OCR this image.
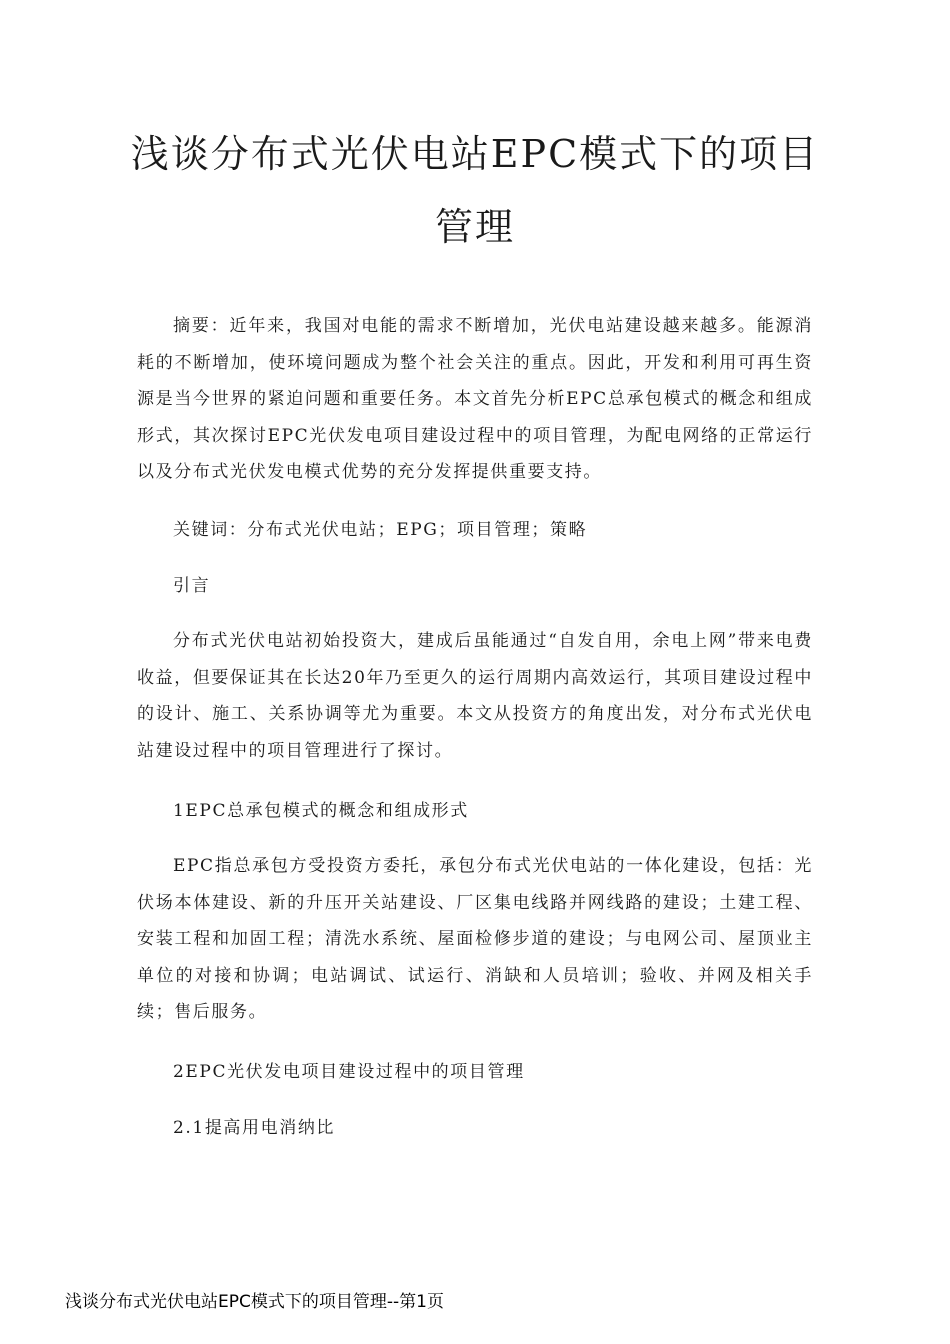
浅谈分布式光伏电站EPC模式下的项目
管理

摘要：近年来，我国对电能的需求不断增加，光伏电站建设越来越多。能源消耗的不断增加，使环境问题成为整个社会关注的重点。因此，开发和利用可再生资源是当今世界的紧迫问题和重要任务。本文首先分析EPC总承包模式的概念和组成形式，其次探讨EPC光伏发电项目建设过程中的项目管理，为配电网络的正常运行以及分布式光伏发电模式优势的充分发挥提供重要支持。

关键词：分布式光伏电站；EPG；项目管理；策略

引言

分布式光伏电站初始投资大，建成后虽能通过“自发自用，余电上网”带来电费收益，但要保证其在长达20年乃至更久的运行周期内高效运行，其项目建设过程中的设计、施工、关系协调等尤为重要。本文从投资方的角度出发，对分布式光伏电站建设过程中的项目管理进行了探讨。

1EPC总承包模式的概念和组成形式

EPC指总承包方受投资方委托，承包分布式光伏电站的一体化建设，包括：光伏场本体建设、新的升压开关站建设、厂区集电线路并网线路的建设；土建工程、安装工程和加固工程；清洗水系统、屋面检修步道的建设；与电网公司、屋顶业主单位的对接和协调；电站调试、试运行、消缺和人员培训；验收、并网及相关手续；售后服务。

2EPC光伏发电项目建设过程中的项目管理

2.1提高用电消纳比

浅谈分布式光伏电站EPC模式下的项目管理--第1页
